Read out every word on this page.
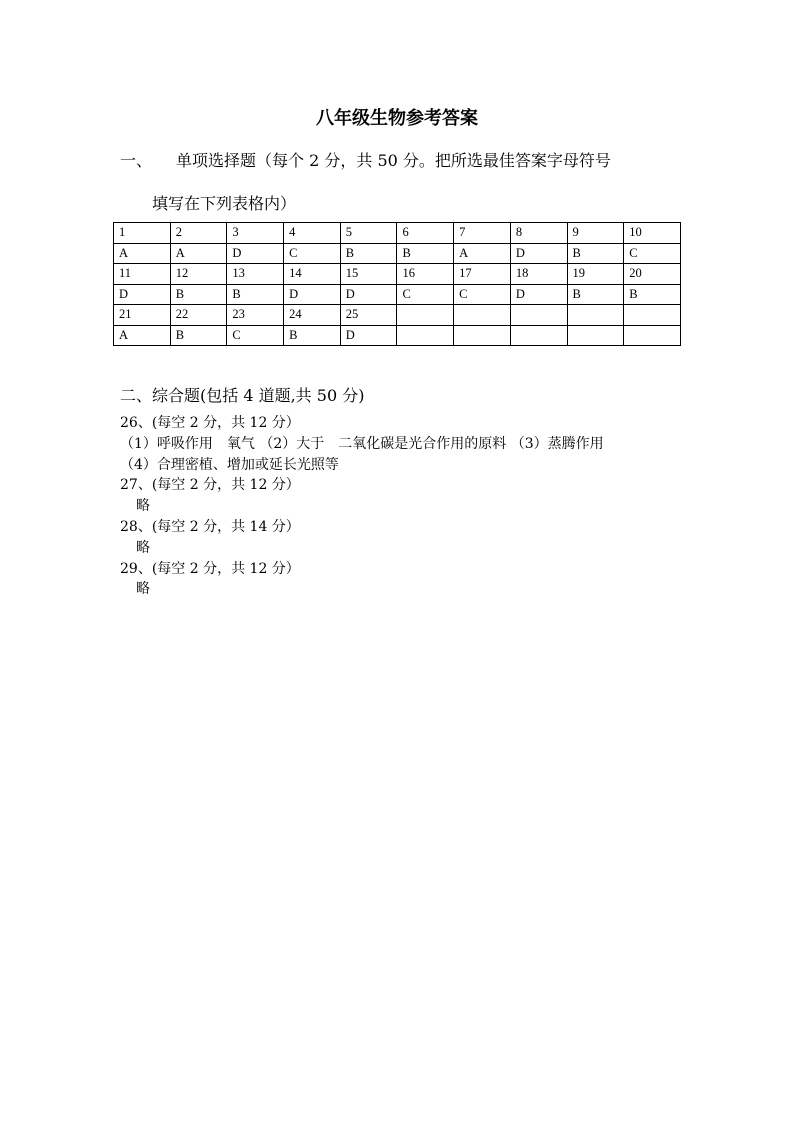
八年级生物参考答案
一、 单项选择题（每个 2 分，共 50 分。把所选最佳答案字母符号
填写在下列表格内）
1	2	3	4	5	6	7	8	9	10
A	A	D	C	B	B	A	D	B	C
11	12	13	14	15	16	17	18	19	20
D	B	B	D	D	C	C	D	B	B
21	22	23	24	25					
A	B	C	B	D					
二、综合题(包括 4 道题,共 50 分)
26、(每空 2 分，共 12 分）
（1）呼吸作用　氧气 （2）大于　二氧化碳是光合作用的原料 （3）蒸腾作用
（4）合理密植、增加或延长光照等
27、(每空 2 分，共 12 分）
略
28、(每空 2 分，共 14 分）
略
29、(每空 2 分，共 12 分）
略
